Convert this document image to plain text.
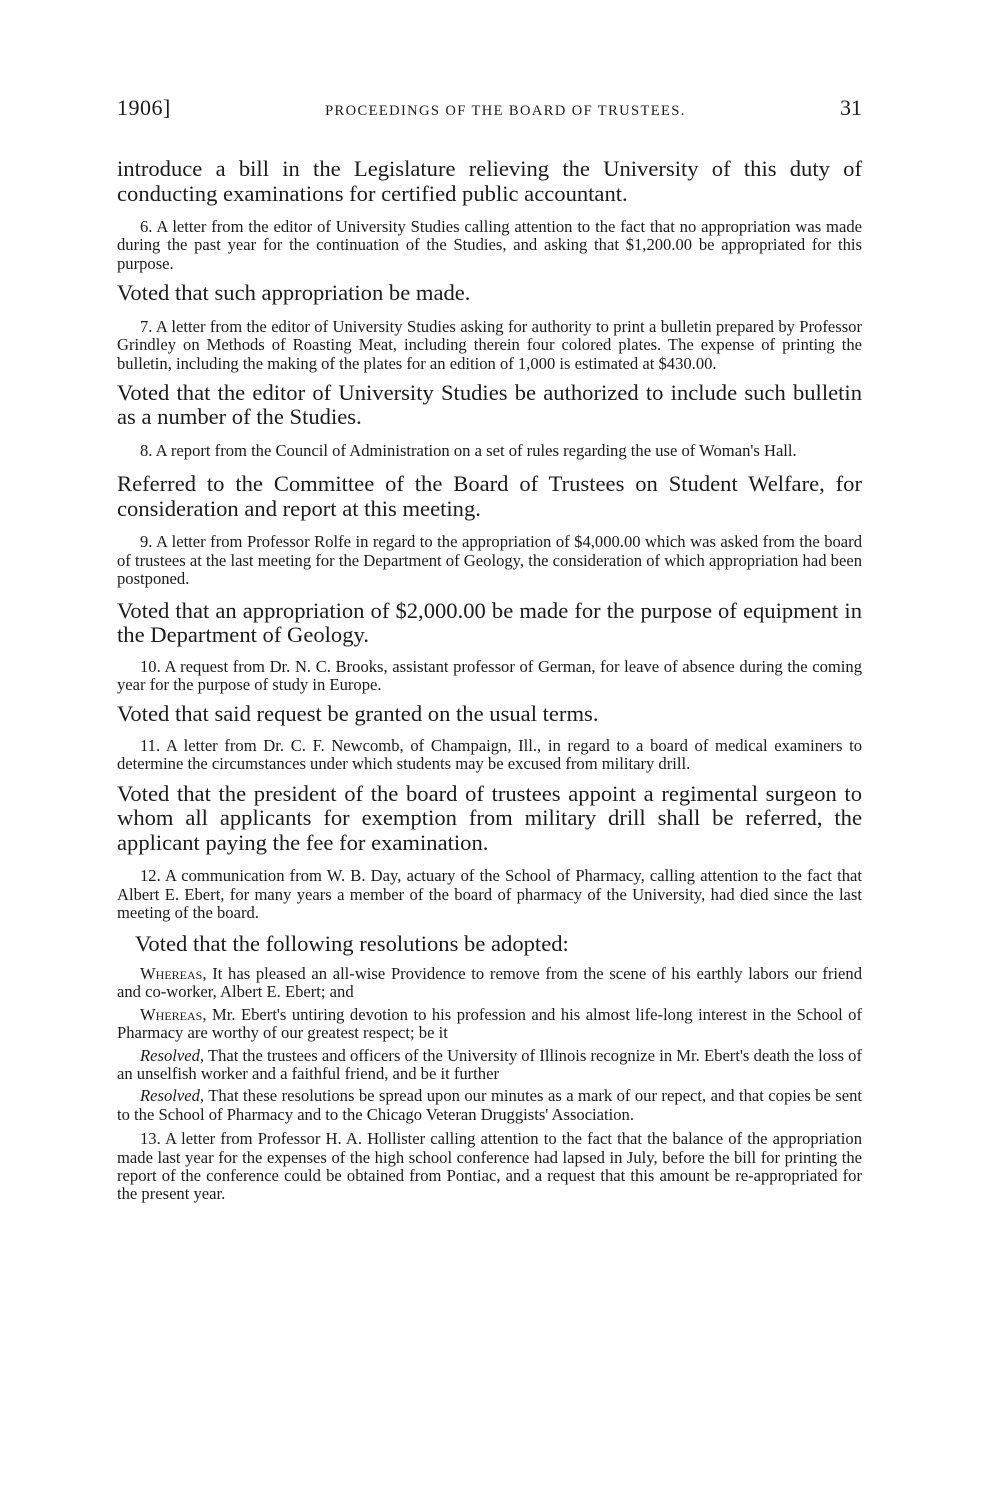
1906]	PROCEEDINGS OF THE BOARD OF TRUSTEES.	31

introduce a bill in the Legislature relieving the University of this duty of conducting examinations for certified public accountant.

6. A letter from the editor of University Studies calling attention to the fact that no appropriation was made during the past year for the continuation of the Studies, and asking that $1,200.00 be appropriated for this purpose.

Voted that such appropriation be made.

7. A letter from the editor of University Studies asking for authority to print a bulletin prepared by Professor Grindley on Methods of Roasting Meat, including therein four colored plates. The expense of printing the bulletin, including the making of the plates for an edition of 1,000 is estimated at $430.00.

Voted that the editor of University Studies be authorized to include such bulletin as a number of the Studies.

8. A report from the Council of Administration on a set of rules regarding the use of Woman's Hall.

Referred to the Committee of the Board of Trustees on Student Welfare, for consideration and report at this meeting.

9. A letter from Professor Rolfe in regard to the appropriation of $4,000.00 which was asked from the board of trustees at the last meeting for the Department of Geology, the consideration of which appropriation had been postponed.

Voted that an appropriation of $2,000.00 be made for the purpose of equipment in the Department of Geology.

10. A request from Dr. N. C. Brooks, assistant professor of German, for leave of absence during the coming year for the purpose of study in Europe.

Voted that said request be granted on the usual terms.

11. A letter from Dr. C. F. Newcomb, of Champaign, Ill., in regard to a board of medical examiners to determine the circumstances under which students may be excused from military drill.

Voted that the president of the board of trustees appoint a regimental surgeon to whom all applicants for exemption from military drill shall be referred, the applicant paying the fee for examination.

12. A communication from W. B. Day, actuary of the School of Pharmacy, calling attention to the fact that Albert E. Ebert, for many years a member of the board of pharmacy of the University, had died since the last meeting of the board.

Voted that the following resolutions be adopted:

Whereas, It has pleased an all-wise Providence to remove from the scene of his earthly labors our friend and co-worker, Albert E. Ebert; and

Whereas, Mr. Ebert's untiring devotion to his profession and his almost life-long interest in the School of Pharmacy are worthy of our greatest respect; be it

Resolved, That the trustees and officers of the University of Illinois recognize in Mr. Ebert's death the loss of an unselfish worker and a faithful friend, and be it further

Resolved, That these resolutions be spread upon our minutes as a mark of our repect, and that copies be sent to the School of Pharmacy and to the Chicago Veteran Druggists' Association.

13. A letter from Professor H. A. Hollister calling attention to the fact that the balance of the appropriation made last year for the expenses of the high school conference had lapsed in July, before the bill for printing the report of the conference could be obtained from Pontiac, and a request that this amount be re-appropriated for the present year.
